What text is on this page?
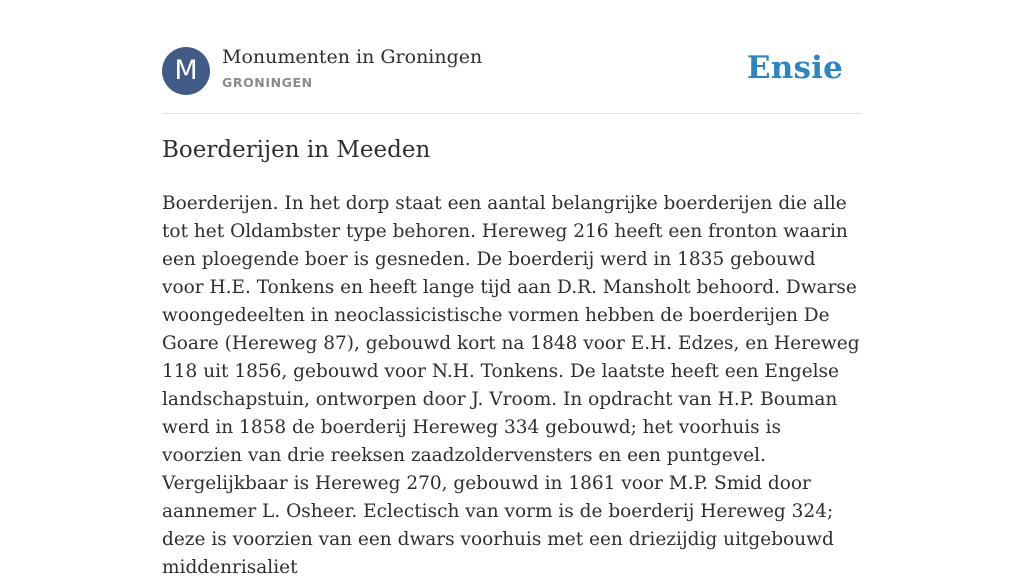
M	Monumenten in Groningen
GRONINGEN	Ensie
Boerderijen in Meeden

Boerderijen. In het dorp staat een aantal belangrijke boerderijen die alle tot het Oldambster type behoren. Hereweg 216 heeft een fronton waarin een ploegende boer is gesneden. De boerderij werd in 1835 gebouwd voor H.E. Tonkens en heeft lange tijd aan D.R. Mansholt behoord. Dwarse woongedeelten in neoclassicistische vormen hebben de boerderijen De Goare (Hereweg 87), gebouwd kort na 1848 voor E.H. Edzes, en Hereweg 118 uit 1856, gebouwd voor N.H. Tonkens. De laatste heeft een Engelse landschapstuin, ontworpen door J. Vroom. In opdracht van H.P. Bouman werd in 1858 de boerderij Hereweg 334 gebouwd; het voorhuis is voorzien van drie reeksen zaadzoldervensters en een puntgevel. Vergelijkbaar is Hereweg 270, gebouwd in 1861 voor M.P. Smid door aannemer L. Osheer. Eclectisch van vorm is de boerderij Hereweg 324; deze is voorzien van een dwars voorhuis met een driezijdig uitgebouwd middenrisaliet
